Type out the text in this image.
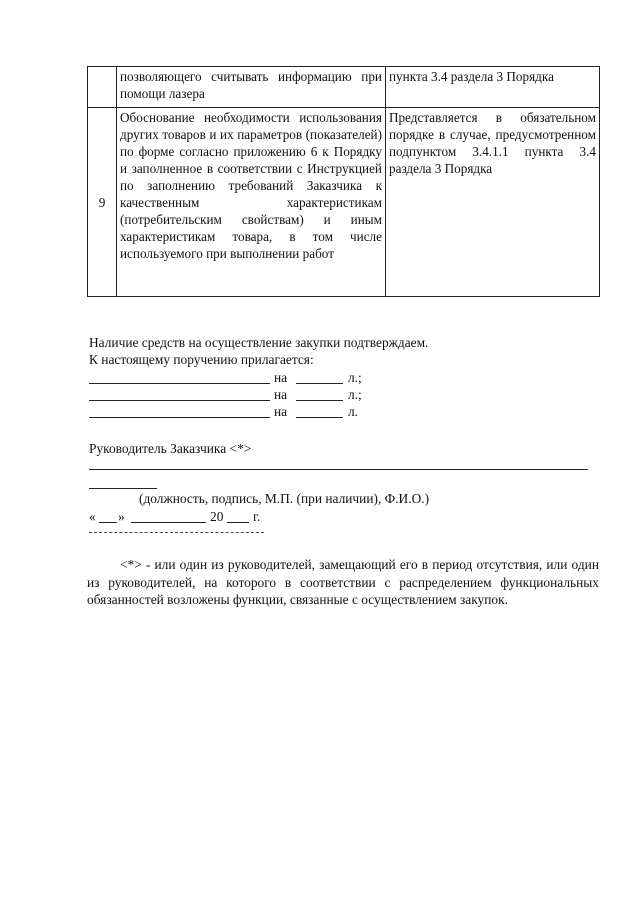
	позволяющего считывать информацию при помощи лазера	пункта 3.4 раздела 3 Порядка
9	Обоснование необходимости использования других товаров и их параметров (показателей) по форме согласно приложению 6 к Порядку и заполненное в соответствии с Инструкцией по заполнению требований Заказчика к качественным характеристикам (потребительским свойствам) и иным характеристикам товара, в том числе используемого при выполнении работ	Представляется в обязательном порядке в случае, предусмотренном подпунктом 3.4.1.1 пункта 3.4 раздела 3 Порядка
Наличие средств на осуществление закупки подтверждаем.
К настоящему поручению прилагается:
на	л.;
на	л.;
на	л.
Руководитель Заказчика <*>
(должность, подпись, М.П. (при наличии), Ф.И.О.)
« »	20 г.
<*> - или один из руководителей, замещающий его в период отсутствия, или один из руководителей, на которого в соответствии с распределением функциональных обязанностей возложены функции, связанные с осуществлением закупок.
